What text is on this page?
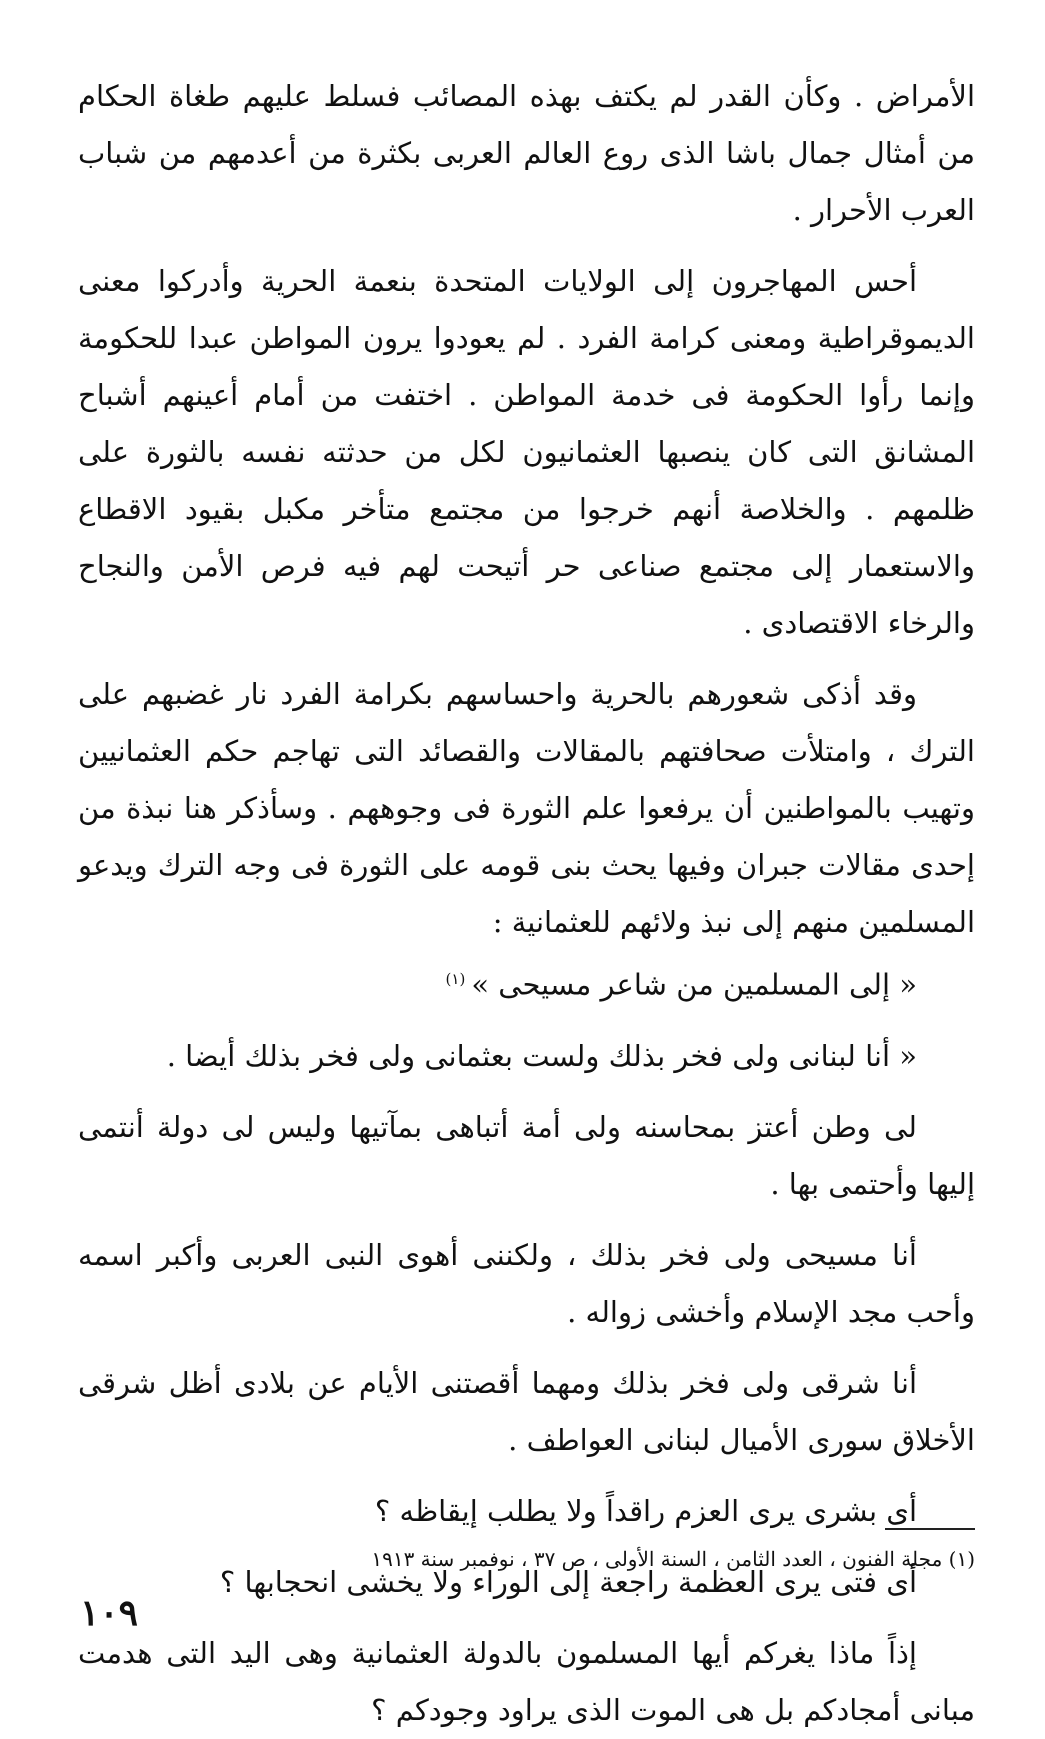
الأمراض . وكأن القدر لم يكتف بهذه المصائب فسلط عليهم طغاة الحكام من أمثال جمال باشا الذى روع العالم العربى بكثرة من أعدمهم من شباب العرب الأحرار .

أحس المهاجرون إلى الولايات المتحدة بنعمة الحرية وأدركوا معنى الديموقراطية ومعنى كرامة الفرد . لم يعودوا يرون المواطن عبدا للحكومة وإنما رأوا الحكومة فى خدمة المواطن . اختفت من أمام أعينهم أشباح المشانق التى كان ينصبها العثمانيون لكل من حدثته نفسه بالثورة على ظلمهم . والخلاصة أنهم خرجوا من مجتمع متأخر مكبل بقيود الاقطاع والاستعمار إلى مجتمع صناعى حر أتيحت لهم فيه فرص الأمن والنجاح والرخاء الاقتصادى .

وقد أذكى شعورهم بالحرية واحساسهم بكرامة الفرد نار غضبهم على الترك ، وامتلأت صحافتهم بالمقالات والقصائد التى تهاجم حكم العثمانيين وتهيب بالمواطنين أن يرفعوا علم الثورة فى وجوههم . وسأذكر هنا نبذة من إحدى مقالات جبران وفيها يحث بنى قومه على الثورة فى وجه الترك ويدعو المسلمين منهم إلى نبذ ولائهم للعثمانية :

« إلى المسلمين من شاعر مسيحى »$^{(١)}$

« أنا لبنانى ولى فخر بذلك ولست بعثمانى ولى فخر بذلك أيضا .

لى وطن أعتز بمحاسنه ولى أمة أتباهى بمآتيها وليس لى دولة أنتمى إليها وأحتمى بها .

أنا مسيحى ولى فخر بذلك ، ولكننى أهوى النبى العربى وأكبر اسمه وأحب مجد الإسلام وأخشى زواله .

أنا شرقى ولى فخر بذلك ومهما أقصتنى الأيام عن بلادى أظل شرقى الأخلاق سورى الأميال لبنانى العواطف .

أى بشرى يرى العزم راقداً ولا يطلب إيقاظه ؟

أى فتى يرى العظمة راجعة إلى الوراء ولا يخشى انحجابها ؟

إذاً ماذا يغركم أيها المسلمون بالدولة العثمانية وهى اليد التى هدمت مبانى أمجادكم بل هى الموت الذى يراود وجودكم ؟

(١) مجلة الفنون ، العدد الثامن ، السنة الأولى ، ص ٣٧ ، نوفمبر سنة ١٩١٣

١٠٩
